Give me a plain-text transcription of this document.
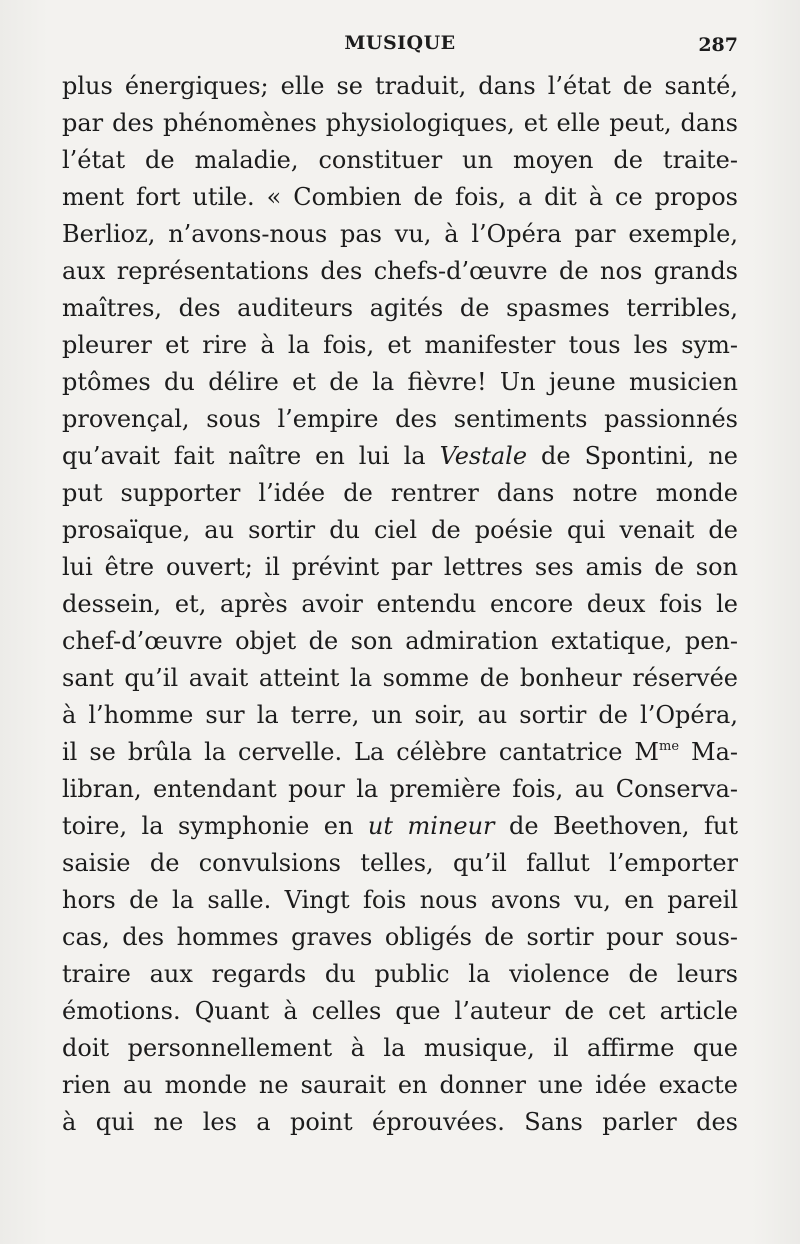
MUSIQUE	287
plus énergiques; elle se traduit, dans l’état de santé,
par des phénomènes physiologiques, et elle peut, dans
l’état de maladie, constituer un moyen de traite-
ment fort utile. « Combien de fois, a dit à ce propos
Berlioz, n’avons-nous pas vu, à l’Opéra par exemple,
aux représentations des chefs-d’œuvre de nos grands
maîtres, des auditeurs agités de spasmes terribles,
pleurer et rire à la fois, et manifester tous les sym-
ptômes du délire et de la fièvre! Un jeune musicien
provençal, sous l’empire des sentiments passionnés
qu’avait fait naître en lui la Vestale de Spontini, ne
put supporter l’idée de rentrer dans notre monde
prosaïque, au sortir du ciel de poésie qui venait de
lui être ouvert; il prévint par lettres ses amis de son
dessein, et, après avoir entendu encore deux fois le
chef-d’œuvre objet de son admiration extatique, pen-
sant qu’il avait atteint la somme de bonheur réservée
à l’homme sur la terre, un soir, au sortir de l’Opéra,
il se brûla la cervelle. La célèbre cantatrice $M^{me}$ Ma-
libran, entendant pour la première fois, au Conserva-
toire, la symphonie en ut mineur de Beethoven, fut
saisie de convulsions telles, qu’il fallut l’emporter
hors de la salle. Vingt fois nous avons vu, en pareil
cas, des hommes graves obligés de sortir pour sous-
traire aux regards du public la violence de leurs
émotions. Quant à celles que l’auteur de cet article
doit personnellement à la musique, il affirme que
rien au monde ne saurait en donner une idée exacte
à qui ne les a point éprouvées. Sans parler des
